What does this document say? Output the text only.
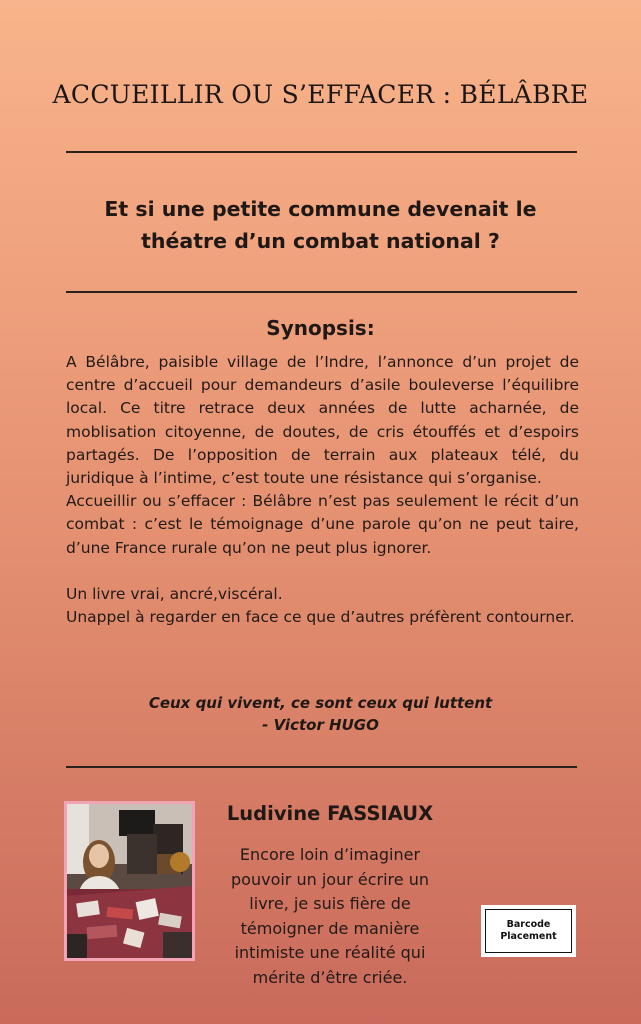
ACCUEILLIR OU S’EFFACER : BÉLÂBRE
Et si une petite commune devenait le théatre d’un combat national ?
Synopsis:

A Bélâbre, paisible village de l’Indre, l’annonce d’un projet de centre d’accueil pour demandeurs d’asile bouleverse l’équilibre local. Ce titre retrace deux années de lutte acharnée, de moblisation citoyenne, de doutes, de cris étouffés et d’espoirs partagés. De l’opposition de terrain aux plateaux télé, du juridique à l’intime, c’est toute une résistance qui s’organise.

Accueillir ou s’effacer : Bélâbre n’est pas seulement le récit d’un combat : c’est le témoignage d’une parole qu’on ne peut taire, d’une France rurale qu’on ne peut plus ignorer.

Un livre vrai, ancré,viscéral.

Unappel à regarder en face ce que d’autres préfèrent contourner.

Ceux qui vivent, ce sont ceux qui luttent
- Victor HUGO
Ludivine FASSIAUX
Encore loin d’imaginer pouvoir un jour écrire un livre, je suis fière de témoigner de manière intimiste une réalité qui mérite d’être criée.
Barcode
Placement
